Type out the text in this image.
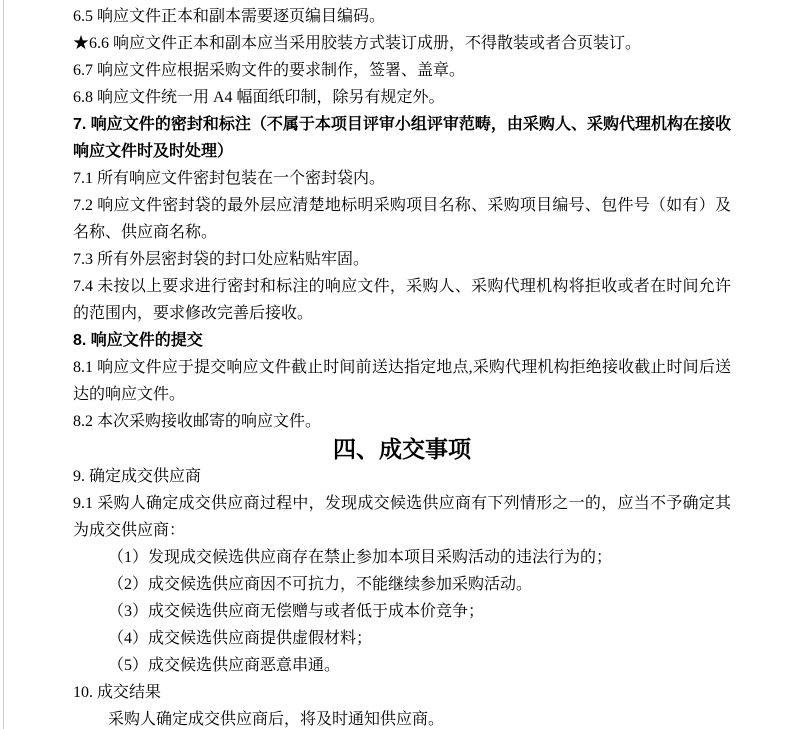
6.5 响应文件正本和副本需要逐页编目编码。

★6.6 响应文件正本和副本应当采用胶装方式装订成册，不得散装或者合页装订。

6.7 响应文件应根据采购文件的要求制作，签署、盖章。

6.8 响应文件统一用 A4 幅面纸印制，除另有规定外。

7. 响应文件的密封和标注（不属于本项目评审小组评审范畴，由采购人、采购代理机构在接收响应文件时及时处理）

7.1 所有响应文件密封包装在一个密封袋内。

7.2 响应文件密封袋的最外层应清楚地标明采购项目名称、采购项目编号、包件号（如有）及名称、供应商名称。

7.3 所有外层密封袋的封口处应粘贴牢固。

7.4 未按以上要求进行密封和标注的响应文件，采购人、采购代理机构将拒收或者在时间允许的范围内，要求修改完善后接收。

8. 响应文件的提交

8.1 响应文件应于提交响应文件截止时间前送达指定地点,采购代理机构拒绝接收截止时间后送达的响应文件。

8.2 本次采购接收邮寄的响应文件。

四、成交事项

9. 确定成交供应商

9.1 采购人确定成交供应商过程中，发现成交候选供应商有下列情形之一的，应当不予确定其为成交供应商：

（1）发现成交候选供应商存在禁止参加本项目采购活动的违法行为的；

（2）成交候选供应商因不可抗力，不能继续参加采购活动。

（3）成交候选供应商无偿赠与或者低于成本价竞争；

（4）成交候选供应商提供虚假材料；

（5）成交候选供应商恶意串通。

10. 成交结果

采购人确定成交供应商后，将及时通知供应商。
